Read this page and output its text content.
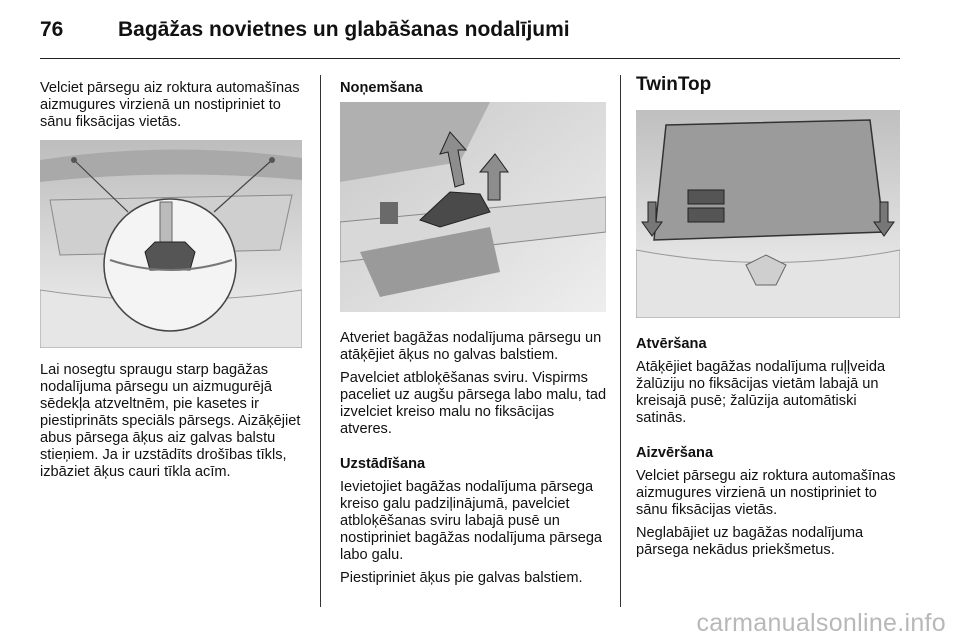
76	Bagāžas novietnes un glabāšanas nodalījumi

Velciet pārsegu aiz roktura automašīnas aizmugures virzienā un nostipriniet to sānu fiksācijas vietās.

Lai nosegtu spraugu starp bagāžas nodalījuma pārsegu un aizmugurējā sēdekļa atzveltnēm, pie kasetes ir piestiprināts speciāls pārsegs. Aizāķējiet abus pārsega āķus aiz galvas balstu stieņiem. Ja ir uzstādīts drošības tīkls, izbāziet āķus cauri tīkla acīm.

Noņemšana

Atveriet bagāžas nodalījuma pārsegu un atāķējiet āķus no galvas balstiem.

Pavelciet atbloķēšanas sviru. Vispirms paceliet uz augšu pārsega labo malu, tad izvelciet kreiso malu no fiksācijas atveres.

Uzstādīšana

Ievietojiet bagāžas nodalījuma pārsega kreiso galu padziļinājumā, pavelciet atbloķēšanas sviru labajā pusē un nostipriniet bagāžas nodalījuma pārsega labo galu.

Piestipriniet āķus pie galvas balstiem.

TwinTop

Atvēršana

Atāķējiet bagāžas nodalījuma ruļļveida žalūziju no fiksācijas vietām labajā un kreisajā pusē; žalūzija automātiski satinās.

Aizvēršana

Velciet pārsegu aiz roktura automašīnas aizmugures virzienā un nostipriniet to sānu fiksācijas vietās.

Neglabājiet uz bagāžas nodalījuma pārsega nekādus priekšmetus.

carmanualsonline.info
